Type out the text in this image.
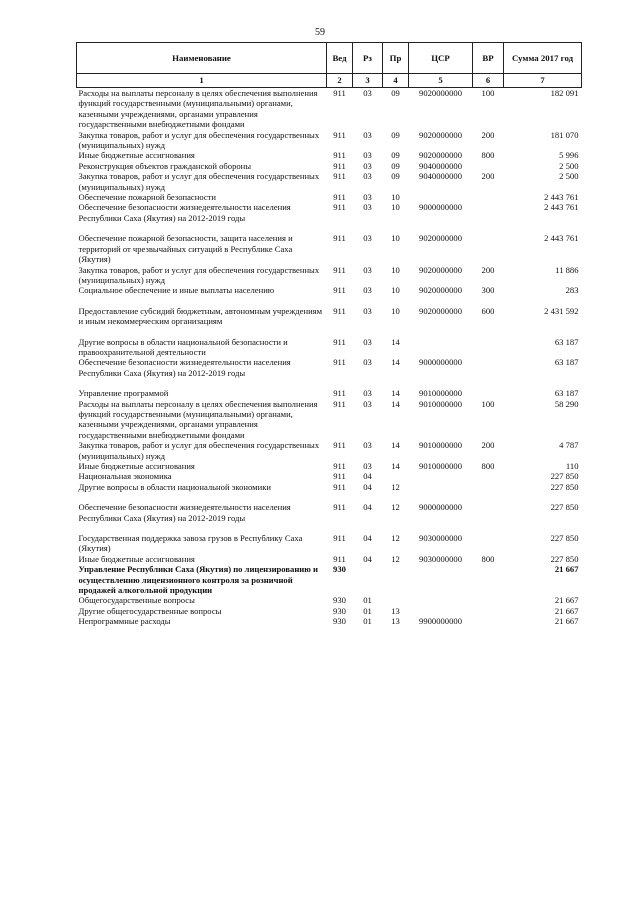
59
Наименование	Вед	Рз	Пр	ЦСР	ВР	Сумма 2017 год
1	2	3	4	5	6	7
Расходы на выплаты персоналу в целях обеспечения выполнения функций государственными (муниципальными) органами, казенными учреждениями, органами управления государственными внебюджетными фондами	911	03	09	9020000000	100	182 091
Закупка товаров, работ и услуг для обеспечения государственных (муниципальных) нужд	911	03	09	9020000000	200	181 070
Иные бюджетные ассигнования	911	03	09	9020000000	800	5 996
Реконструкция объектов гражданской обороны	911	03	09	9040000000		2 500
Закупка товаров, работ и услуг для обеспечения государственных (муниципальных) нужд	911	03	09	9040000000	200	2 500
Обеспечение пожарной безопасности	911	03	10			2 443 761
Обеспечение безопасности жизнедеятельности населения Республики Саха (Якутия) на 2012-2019 годы	911	03	10	9000000000		2 443 761

Обеспечение пожарной безопасности, защита населения и территорий от чрезвычайных ситуаций в Республике Саха (Якутия)	911	03	10	9020000000		2 443 761
Закупка товаров, работ и услуг для обеспечения государственных (муниципальных) нужд	911	03	10	9020000000	200	11 886
Социальное обеспечение и иные выплаты населению	911	03	10	9020000000	300	283

Предоставление субсидий бюджетным, автономным учреждениям и иным некоммерческим организациям	911	03	10	9020000000	600	2 431 592

Другие вопросы в области национальной безопасности и правоохранительной деятельности	911	03	14			63 187
Обеспечение безопасности жизнедеятельности населения Республики Саха (Якутия) на 2012-2019 годы	911	03	14	9000000000		63 187

Управление программой	911	03	14	9010000000		63 187
Расходы на выплаты персоналу в целях обеспечения выполнения функций государственными (муниципальными) органами, казенными учреждениями, органами управления государственными внебюджетными фондами	911	03	14	9010000000	100	58 290
Закупка товаров, работ и услуг для обеспечения государственных (муниципальных) нужд	911	03	14	9010000000	200	4 787
Иные бюджетные ассигнования	911	03	14	9010000000	800	110
Национальная экономика	911	04				227 850
Другие вопросы в области национальной экономики	911	04	12			227 850

Обеспечение безопасности жизнедеятельности населения Республики Саха (Якутия) на 2012-2019 годы	911	04	12	9000000000		227 850

Государственная поддержка завоза грузов в Республику Саха (Якутия)	911	04	12	9030000000		227 850
Иные бюджетные ассигнования	911	04	12	9030000000	800	227 850
Управление Республики Саха (Якутия) по лицензированию и осуществлению лицензионного контроля за розничной продажей алкогольной продукции	930					21 667
Общегосударственные вопросы	930	01				21 667
Другие общегосударственные вопросы	930	01	13			21 667
Непрограммные расходы	930	01	13	9900000000		21 667
